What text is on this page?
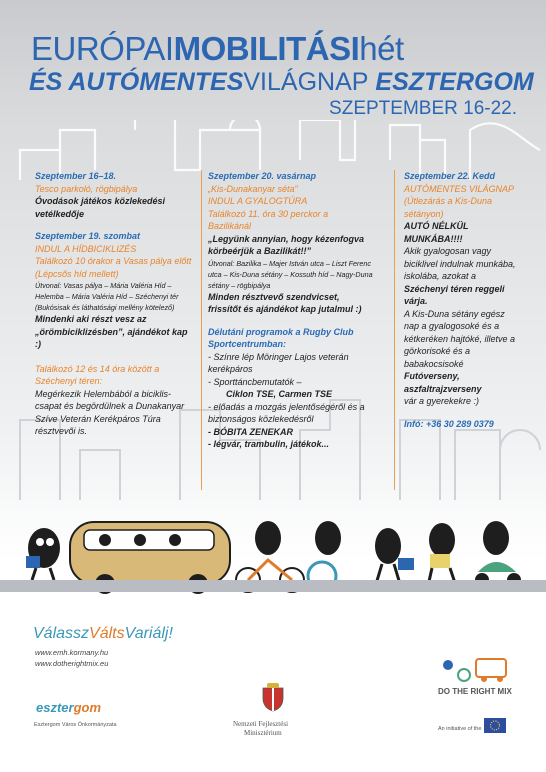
EURÓPAIMOBILITÁSIhét
ÉS AUTÓMENTESVILÁGNAP ESZTERGOM
SZEPTEMBER 16-22.

Szeptember 16–18.

Tesco parkoló, rögbipálya

Óvodások játékos közlekedési vetélkedője

Szeptember 19. szombat

INDUL A HÍDBICIKLIZÉS

Találkozó 10 órakor a Vasas pálya előtt (Lépcsős híd mellett)

Útvonal: Vasas pálya – Mária Valéria Híd – Helemba – Mária Valéria Híd – Széchenyi tér (Bukósisak és láthatósági mellény kötelező)

Mindenki aki részt vesz az „örömbiciklizésben”, ajándékot kap :)

Találkozó 12 és 14 óra között a Széchenyi téren:

Megérkezik Helembából a biciklis-csapat és begördülnek a Dunakanyar Szíve Veterán Kerékpáros Túra résztvevői is.

Szeptember 20. vasárnap

„Kis-Dunakanyar séta”

INDUL A GYALOGTÚRA

Találkozó 11. óra 30 perckor a Bazilikánál

„Legyünk annyian, hogy kézenfogva körbeérjük a Bazilikát!!”

Útvonal: Bazilika – Majer István utca – Liszt Ferenc utca – Kis-Duna sétány – Kossuth híd – Nagy-Duna sétány – rögbipálya

Minden résztvevő szendvicset, frissítőt és ajándékot kap jutalmul :)

Délutáni programok a Rugby Club Sportcentrumban:

- Színre lép Möringer Lajos veterán kerékpáros

- Sporttáncbemutatók –

Ciklon TSE, Carmen TSE

- előadás a mozgás jelentőségéről és a biztonságos közlekedésről

- BÓBITA ZENEKAR

- légvár, trambulin, játékok...

Szeptember 22. Kedd

AUTÓMENTES VILÁGNAP

(Útlezárás a Kis-Duna sétányon)

AUTÓ NÉLKÜL MUNKÁBA!!!!

Akik gyalogosan vagy biciklivel indulnak munkába, iskolába, azokat a

Széchenyi téren reggeli várja.

A Kis-Duna sétány egész nap a gyalogosoké és a kétkeréken hajtóké, illetve a görkorisoké és a babakocsisoké

Futóverseny, aszfaltrajzverseny

vár a gyerekekre :)

Infó: +36 30 289 0379

VálasszVáltsVariálj!
www.emh.kormany.hu
www.dotherightmix.eu
esztergom
Esztergom Város Önkormányzata	Nemzeti Fejlesztési
Minisztérium
DO THE RIGHT MIX
An initiative of the
